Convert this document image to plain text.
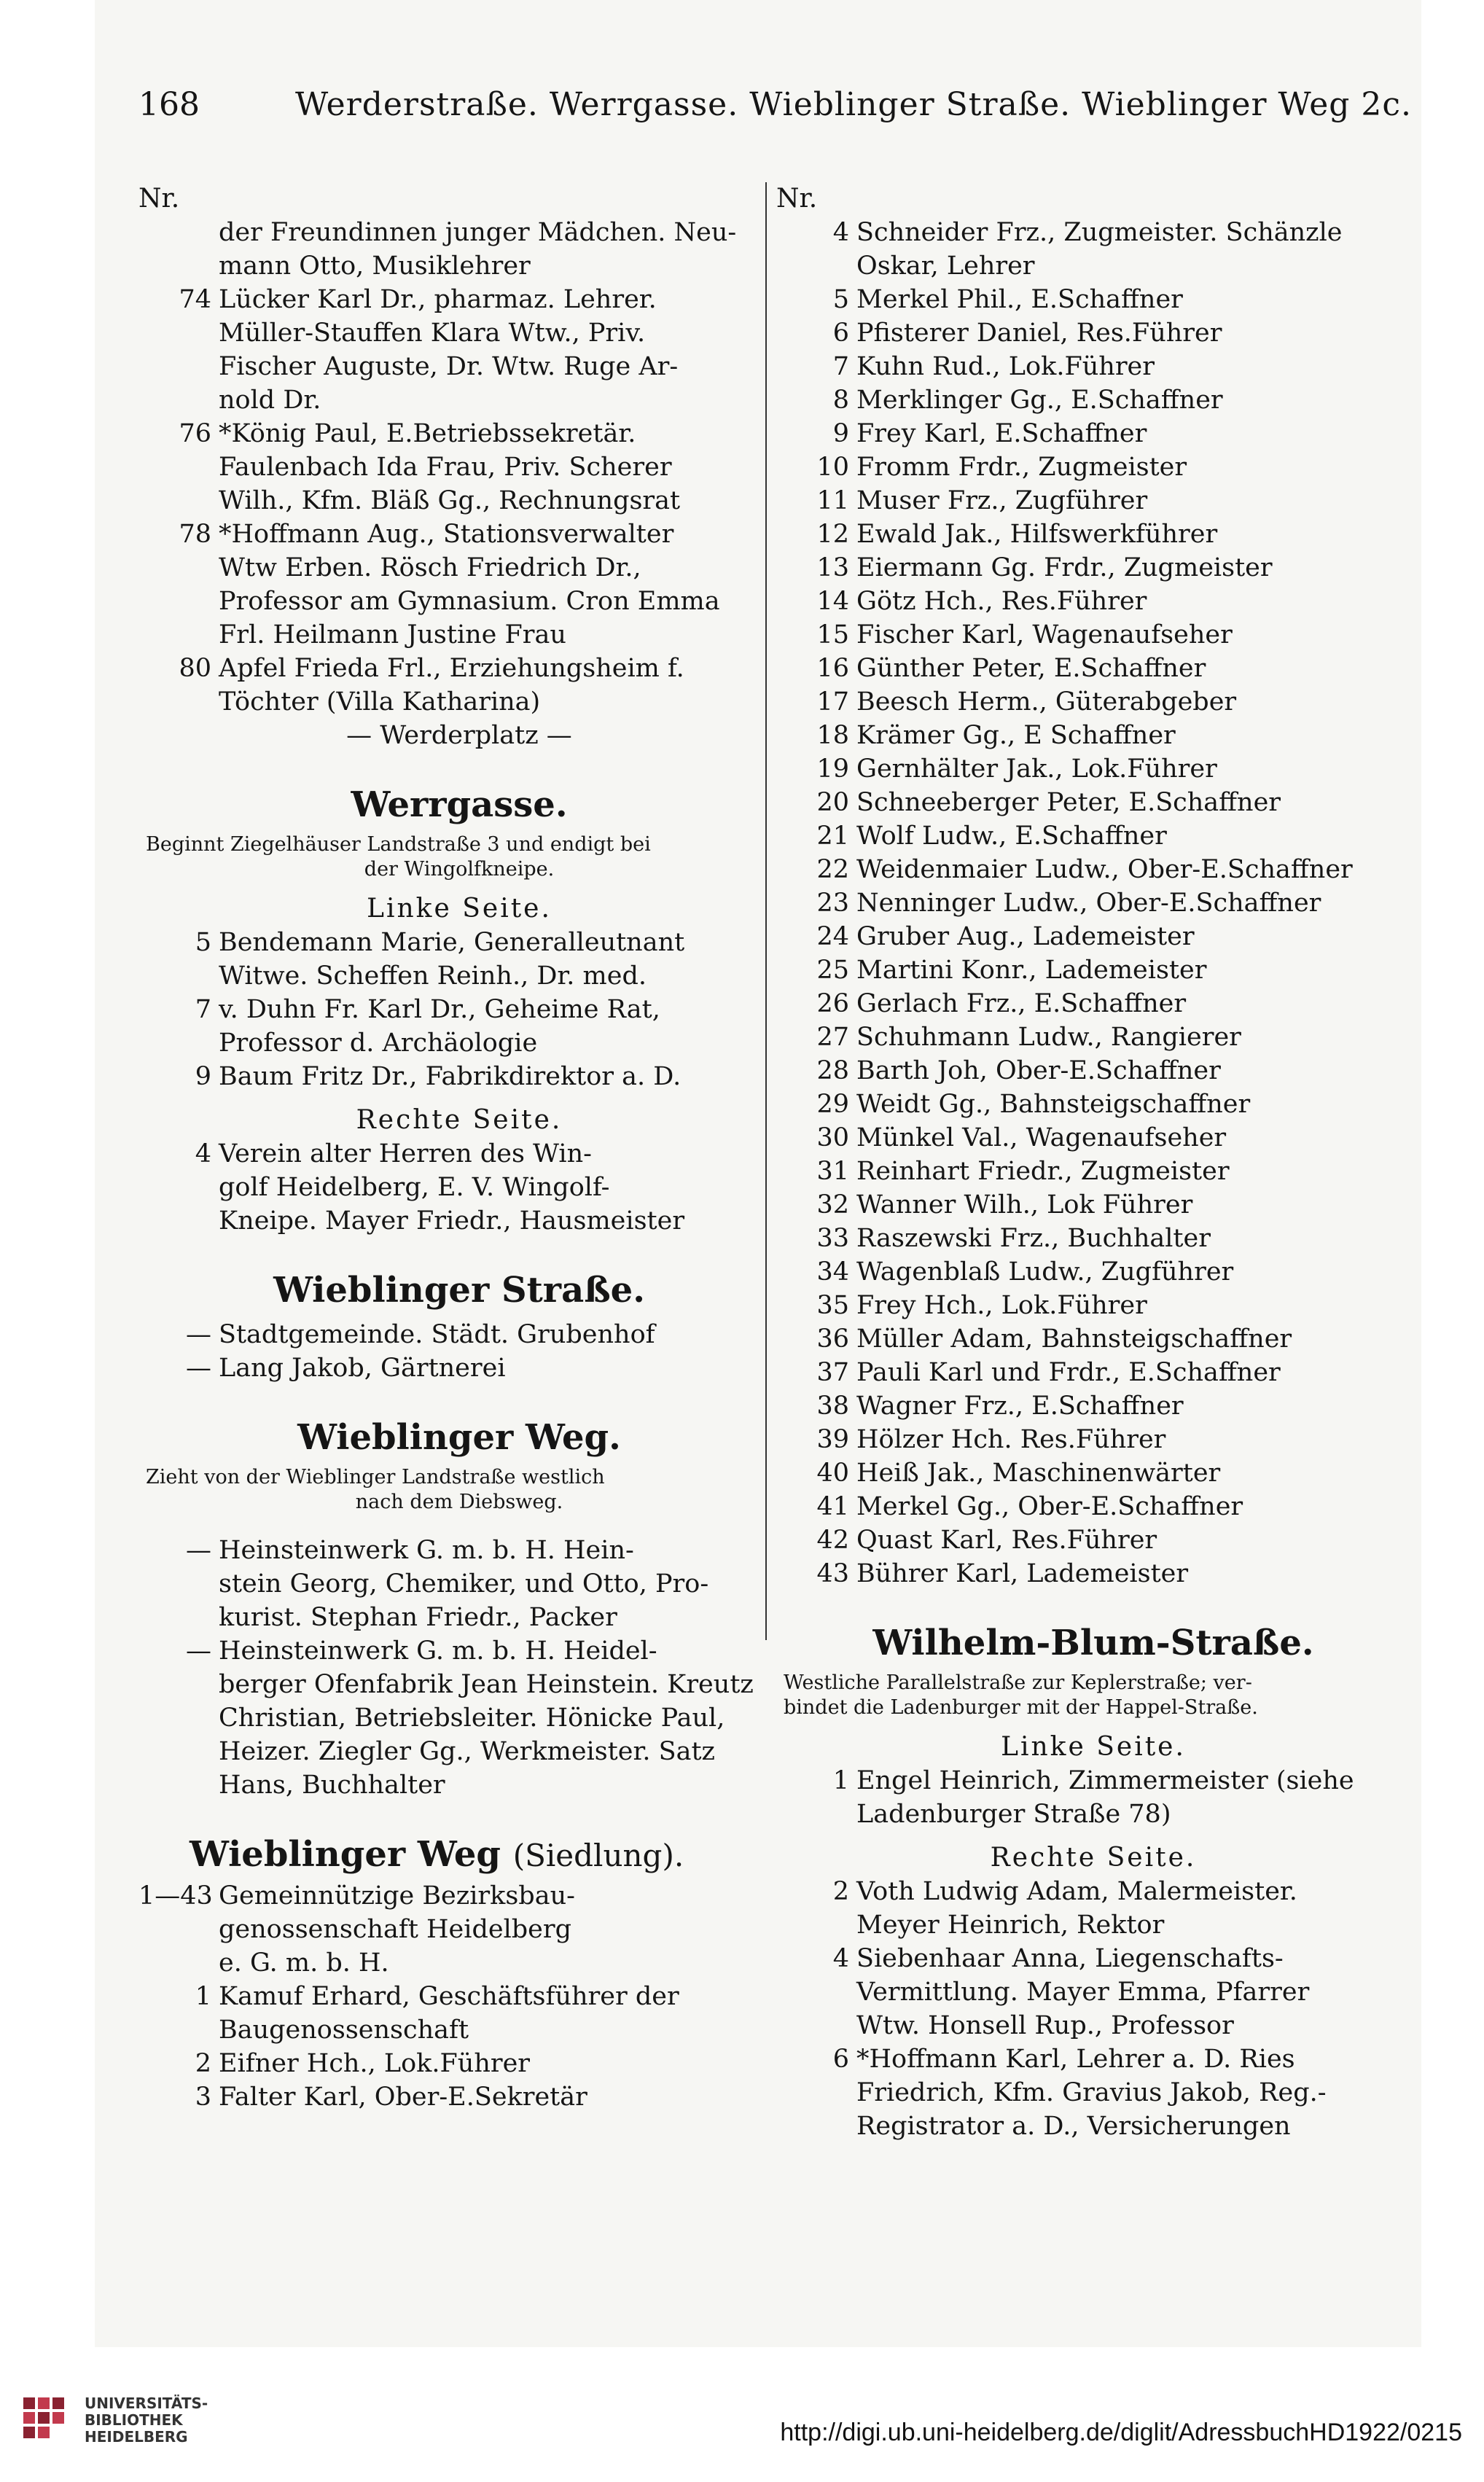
168	Werderstraße. Werrgasse. Wieblinger Straße. Wieblinger Weg 2c.
Nr.
der Freundinnen junger Mädchen. Neu-
mann Otto, Musiklehrer
74 Lücker Karl Dr., pharmaz. Lehrer.
Müller-Stauffen Klara Wtw., Priv.
Fischer Auguste, Dr. Wtw. Ruge Ar-
nold Dr.
76 *König Paul, E.Betriebssekretär.
Faulenbach Ida Frau, Priv. Scherer
Wilh., Kfm. Bläß Gg., Rechnungsrat
78 *Hoffmann Aug., Stationsverwalter
Wtw Erben. Rösch Friedrich Dr.,
Professor am Gymnasium. Cron Emma
Frl. Heilmann Justine Frau
80 Apfel Frieda Frl., Erziehungsheim f.
Töchter (Villa Katharina)
— Werderplatz —
Werrgasse.
Beginnt Ziegelhäuser Landstraße 3 und endigt bei
der Wingolfkneipe.
Linke Seite.
5 Bendemann Marie, Generalleutnant
Witwe. Scheffen Reinh., Dr. med.
7 v. Duhn Fr. Karl Dr., Geheime Rat,
Professor d. Archäologie
9 Baum Fritz Dr., Fabrikdirektor a. D.
Rechte Seite.
4 Verein alter Herren des Win-
golf Heidelberg, E. V. Wingolf-
Kneipe. Mayer Friedr., Hausmeister
Wieblinger Straße.
— Stadtgemeinde. Städt. Grubenhof
— Lang Jakob, Gärtnerei
Wieblinger Weg.
Zieht von der Wieblinger Landstraße westlich
nach dem Diebsweg.
— Heinsteinwerk G. m. b. H. Hein-
stein Georg, Chemiker, und Otto, Pro-
kurist. Stephan Friedr., Packer
— Heinsteinwerk G. m. b. H. Heidel-
berger Ofenfabrik Jean Heinstein. Kreutz
Christian, Betriebsleiter. Hönicke Paul,
Heizer. Ziegler Gg., Werkmeister. Satz
Hans, Buchhalter
Wieblinger Weg (Siedlung).
1—43 Gemeinnützige Bezirksbau-
genossenschaft Heidelberg
e. G. m. b. H.
1 Kamuf Erhard, Geschäftsführer der
Baugenossenschaft
2 Eifner Hch., Lok.Führer
3 Falter Karl, Ober-E.Sekretär
Nr.
4 Schneider Frz., Zugmeister. Schänzle
Oskar, Lehrer
5 Merkel Phil., E.Schaffner
6 Pfisterer Daniel, Res.Führer
7 Kuhn Rud., Lok.Führer
8 Merklinger Gg., E.Schaffner
9 Frey Karl, E.Schaffner
10 Fromm Frdr., Zugmeister
11 Muser Frz., Zugführer
12 Ewald Jak., Hilfswerkführer
13 Eiermann Gg. Frdr., Zugmeister
14 Götz Hch., Res.Führer
15 Fischer Karl, Wagenaufseher
16 Günther Peter, E.Schaffner
17 Beesch Herm., Güterabgeber
18 Krämer Gg., E Schaffner
19 Gernhälter Jak., Lok.Führer
20 Schneeberger Peter, E.Schaffner
21 Wolf Ludw., E.Schaffner
22 Weidenmaier Ludw., Ober-E.Schaffner
23 Nenninger Ludw., Ober-E.Schaffner
24 Gruber Aug., Lademeister
25 Martini Konr., Lademeister
26 Gerlach Frz., E.Schaffner
27 Schuhmann Ludw., Rangierer
28 Barth Joh, Ober-E.Schaffner
29 Weidt Gg., Bahnsteigschaffner
30 Münkel Val., Wagenaufseher
31 Reinhart Friedr., Zugmeister
32 Wanner Wilh., Lok Führer
33 Raszewski Frz., Buchhalter
34 Wagenblaß Ludw., Zugführer
35 Frey Hch., Lok.Führer
36 Müller Adam, Bahnsteigschaffner
37 Pauli Karl und Frdr., E.Schaffner
38 Wagner Frz., E.Schaffner
39 Hölzer Hch. Res.Führer
40 Heiß Jak., Maschinenwärter
41 Merkel Gg., Ober-E.Schaffner
42 Quast Karl, Res.Führer
43 Bührer Karl, Lademeister
Wilhelm-Blum-Straße.
Westliche Parallelstraße zur Keplerstraße; ver-
bindet die Ladenburger mit der Happel-Straße.
Linke Seite.
1 Engel Heinrich, Zimmermeister (siehe
Ladenburger Straße 78)
Rechte Seite.
2 Voth Ludwig Adam, Malermeister.
Meyer Heinrich, Rektor
4 Siebenhaar Anna, Liegenschafts-
Vermittlung. Mayer Emma, Pfarrer
Wtw. Honsell Rup., Professor
6 *Hoffmann Karl, Lehrer a. D. Ries
Friedrich, Kfm. Gravius Jakob, Reg.-
Registrator a. D., Versicherungen
UNIVERSITÄTS-
BIBLIOTHEK
HEIDELBERG	http://digi.ub.uni-heidelberg.de/diglit/AdressbuchHD1922/0215
